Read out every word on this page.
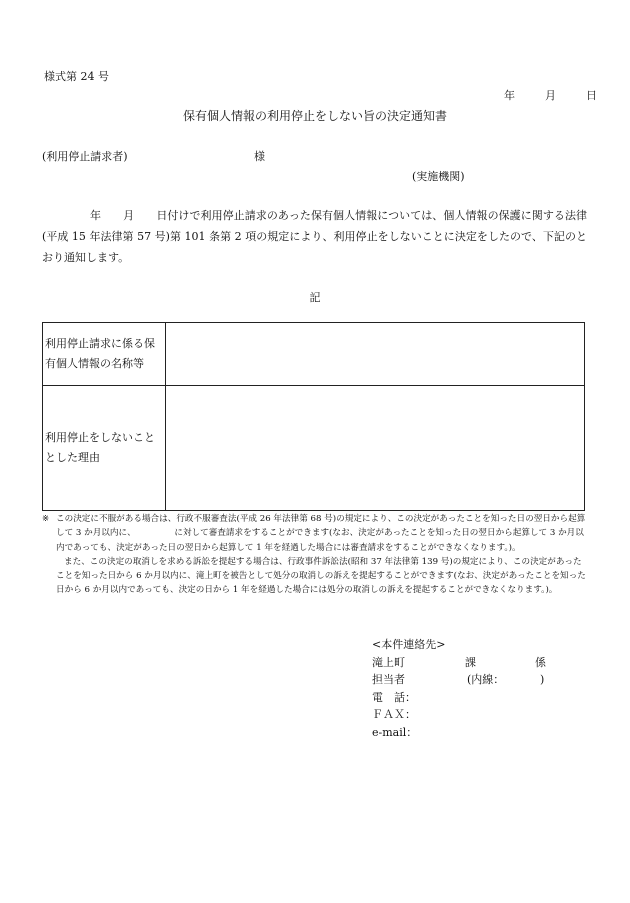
様式第 24 号
年	月	日
保有個人情報の利用停止をしない旨の決定通知書
(利用停止請求者)	様
(実施機関)

年　　月　　日付けで利用停止請求のあった保有個人情報については、個人情報の保護に関する法律(平成 15 年法律第 57 号)第 101 条第 2 項の規定により、利用停止をしないことに決定をしたので、下記のとおり通知します。

記
利用停止請求に係る保有個人情報の名称等	
利用停止をしないこととした理由	
※ この決定に不服がある場合は、行政不服審査法(平成 26 年法律第 68 号)の規定により、この決定があったことを知った日の翌日から起算して 3 か月以内に、　　　　　に対して審査請求をすることができます(なお、決定があったことを知った日の翌日から起算して 3 か月以内であっても、決定があった日の翌日から起算して 1 年を経過した場合には審査請求をすることができなくなります。)。

また、この決定の取消しを求める訴訟を提起する場合は、行政事件訴訟法(昭和 37 年法律第 139 号)の規定により、この決定があったことを知った日から 6 か月以内に、滝上町を被告として処分の取消しの訴えを提起することができます(なお、決定があったことを知った日から 6 か月以内であっても、決定の日から 1 年を経過した場合には処分の取消しの訴えを提起することができなくなります。)。

<本件連絡先>
滝上町	課	係
担当者	(内線：	)
電　話：
ＦＡＸ：
e-mail：
